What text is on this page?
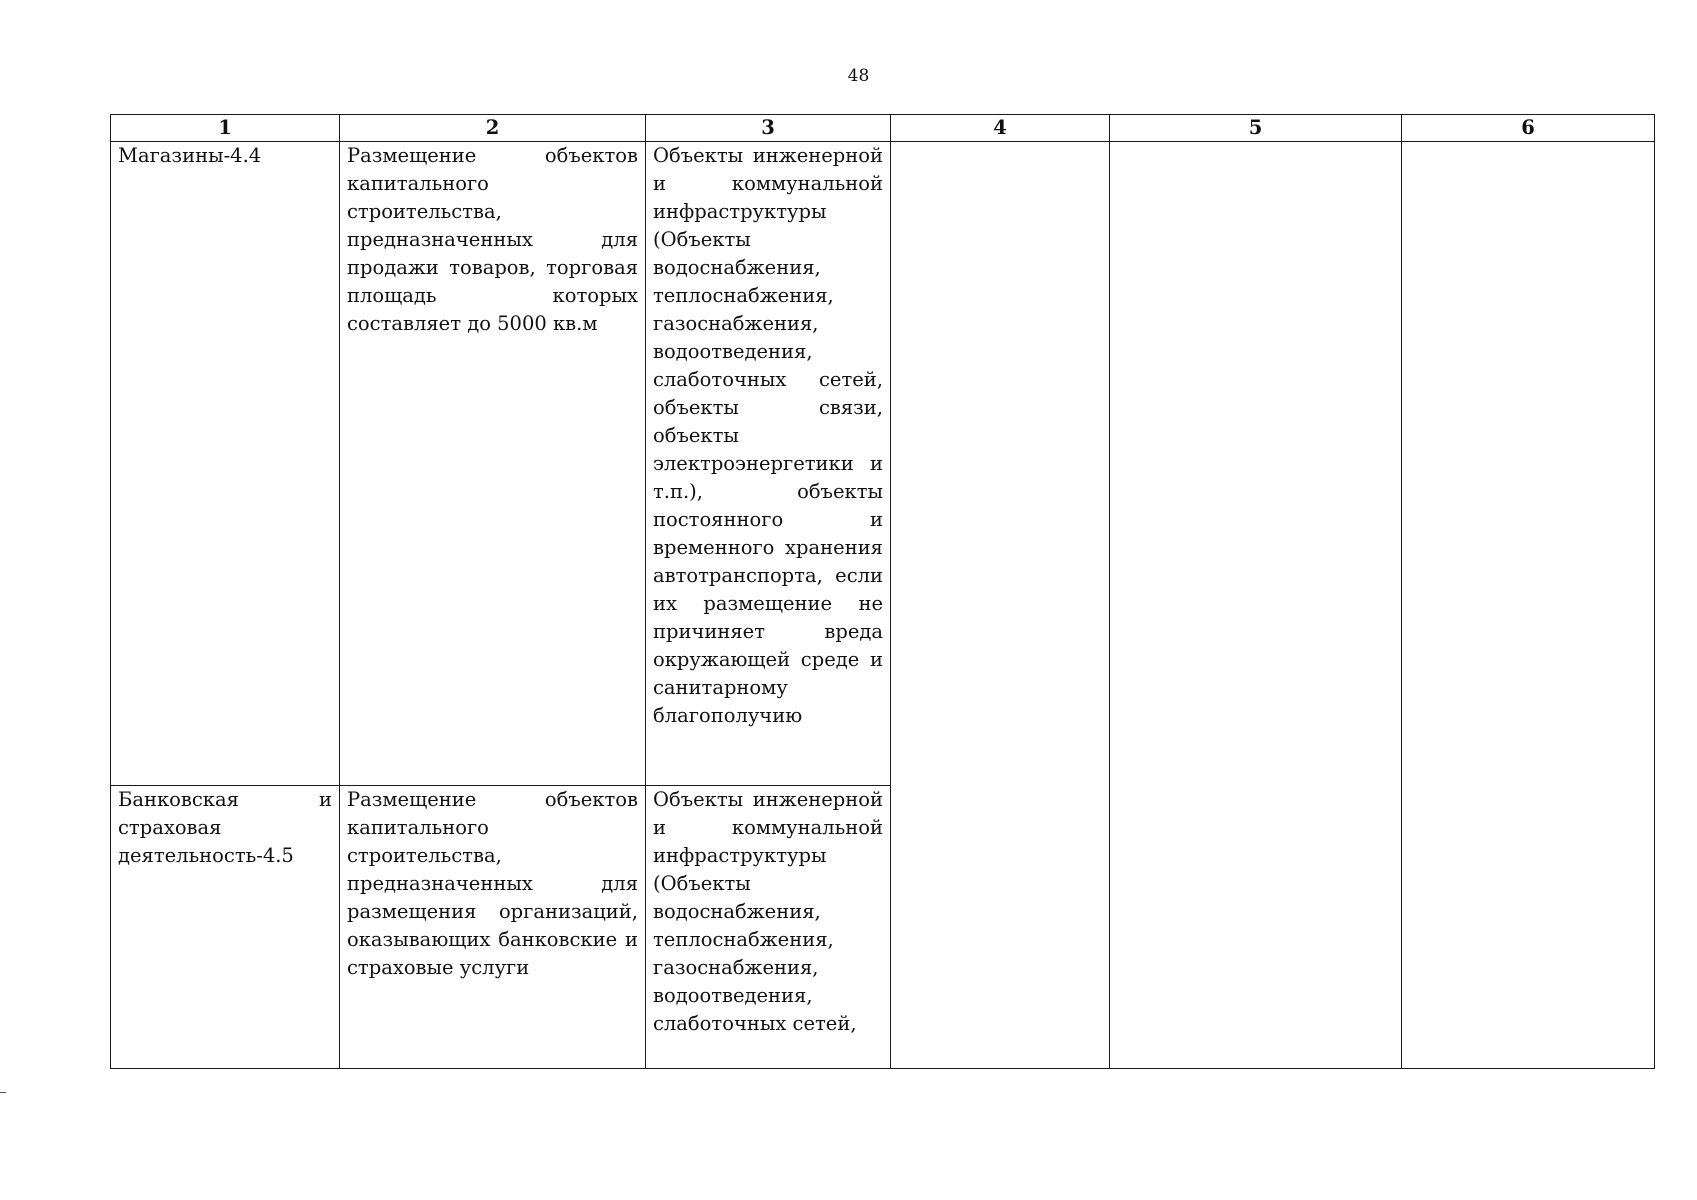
48
1	2	3	4	5	6
Магазины-4.4	Размещение объектов капитального строительства, предназначенных для продажи товаров, торговая площадь которых составляет до 5000 кв.м	Объекты инженерной и коммунальной инфраструктуры (Объекты водоснабжения, теплоснабжения, газоснабжения, водоотведения, слаботочных сетей, объекты связи, объекты электроэнергетики и т.п.), объекты постоянного и временного хранения автотранспорта, если их размещение не причиняет вреда окружающей среде и санитарному благополучию			
Банковская и страховая деятельность-4.5	Размещение объектов капитального строительства, предназначенных для размещения организаций, оказывающих банковские и страховые услуги	Объекты инженерной и коммунальной инфраструктуры (Объекты водоснабжения, теплоснабжения, газоснабжения, водоотведения, слаботочных сетей,			
